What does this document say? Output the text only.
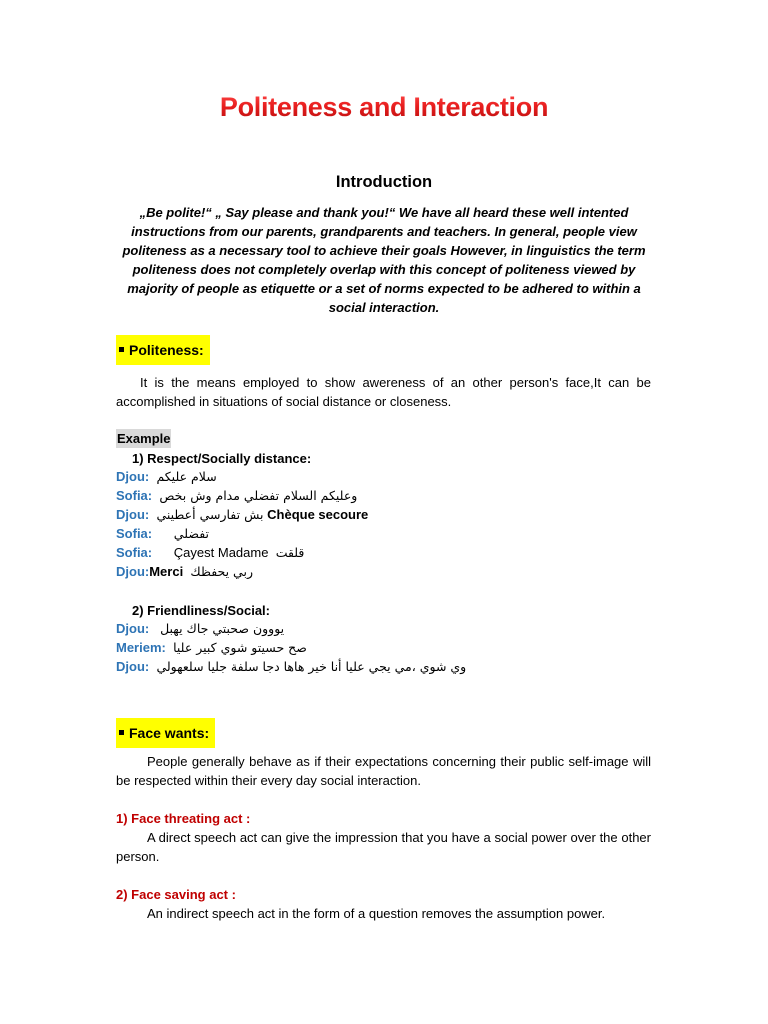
Politeness and Interaction
Introduction
„Be polite!“ „ Say please and thank you!“ We have all heard these well intented instructions from our parents, grandparents and teachers. In general, people view politeness as a necessary tool to achieve their goals However, in linguistics the term politeness does not completely overlap with this concept of politeness viewed by majority of people as etiquette or a set of norms expected to be adhered to within a social interaction.
Politeness:
It is the means employed to show awereness of an other person's face,It can be accomplished in situations of social distance or closeness.
Example
1) Respect/Socially distance:
Djou: سلام عليكم
Sofia: وعليكم السلام تفضلي مدام وش بخص
Djou: بش تفارسي أعطيني Chèque secoure
Sofia: تفضلي
Sofia: Çayest Madame قلقت
Djou:Merci ربي يحفظك
2) Friendliness/Social:
Djou: يووون صحبتي جاك يهبل
Meriem: صح حسيتو شوي كبير عليا
Djou: وي شوي ،مي يجي عليا أنا خير هاها دجا سلفة جليا سلعهولي
Face wants:
People generally behave as if their expectations concerning their public self-image will be respected within their every day social interaction.
1) Face threating act :
A direct speech act can give the impression that you have a social power over the other person.
2) Face saving act :
An indirect speech act in the form of a question removes the assumption power.
